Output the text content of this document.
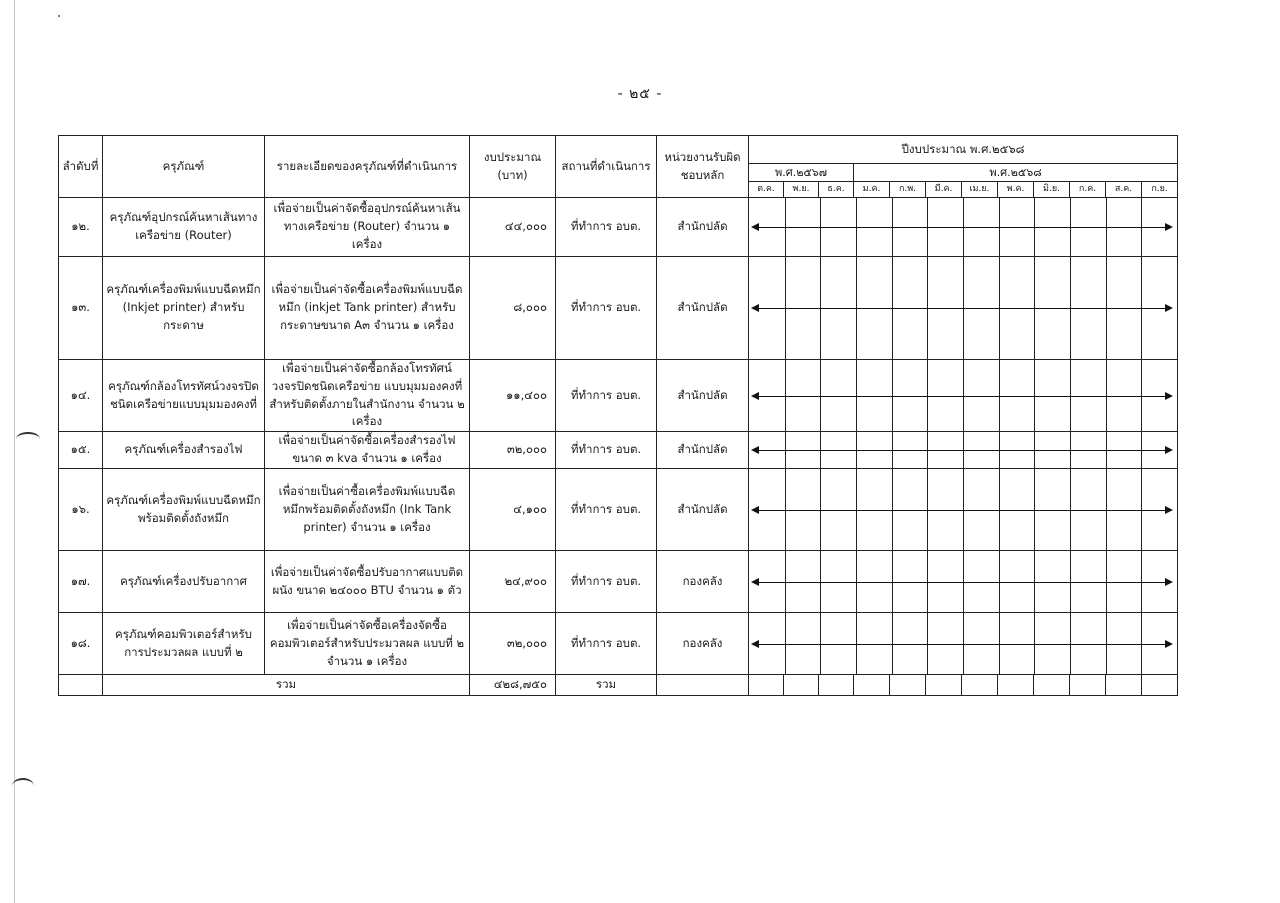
- ๒๕ -
ลำดับที่	ครุภัณฑ์	รายละเอียดของครุภัณฑ์ที่ดำเนินการ	งบประมาณ (บาท)	สถานที่ดำเนินการ	หน่วยงานรับผิดชอบหลัก	ปีงบประมาณ พ.ศ.๒๕๖๘											
						พ.ศ.๒๕๖๗			พ.ศ.๒๕๖๘								
						ต.ค.	พ.ย.	ธ.ค.	ม.ค.	ก.พ.	มี.ค.	เม.ย.	พ.ค.	มิ.ย.	ก.ค.	ส.ค.	ก.ย.
๑๒.	ครุภัณฑ์อุปกรณ์ค้นหาเส้นทางเครือข่าย (Router)	เพื่อจ่ายเป็นค่าจัดซื้ออุปกรณ์ค้นหาเส้นทางเครือข่าย (Router) จำนวน ๑ เครื่อง	๔๔,๐๐๐	ที่ทำการ อบต.	สำนักปลัด												

๑๓.	ครุภัณฑ์เครื่องพิมพ์แบบฉีดหมึก (Inkjet printer) สำหรับกระดาษ	เพื่อจ่ายเป็นค่าจัดซื้อเครื่องพิมพ์แบบฉีดหมึก (inkjet Tank printer) สำหรับกระดาษขนาด A๓ จำนวน ๑ เครื่อง	๘,๐๐๐	ที่ทำการ อบต.	สำนักปลัด												

๑๔.	ครุภัณฑ์กล้องโทรทัศน์วงจรปิดชนิดเครือข่ายแบบมุมมองคงที่	เพื่อจ่ายเป็นค่าจัดซื้อกล้องโทรทัศน์วงจรปิดชนิดเครือข่าย แบบมุมมองคงที่สำหรับติดตั้งภายในสำนักงาน จำนวน ๒ เครื่อง	๑๑,๔๐๐	ที่ทำการ อบต.	สำนักปลัด												

๑๕.	ครุภัณฑ์เครื่องสำรองไฟ	เพื่อจ่ายเป็นค่าจัดซื้อเครื่องสำรองไฟ ขนาด ๓ kva จำนวน ๑ เครื่อง	๓๒,๐๐๐	ที่ทำการ อบต.	สำนักปลัด												

๑๖.	ครุภัณฑ์เครื่องพิมพ์แบบฉีดหมึกพร้อมติดตั้งถังหมึก	เพื่อจ่ายเป็นค่าซื้อเครื่องพิมพ์แบบฉีดหมึกพร้อมติดตั้งถังหมึก (Ink Tank printer) จำนวน ๑ เครื่อง	๔,๑๐๐	ที่ทำการ อบต.	สำนักปลัด												

๑๗.	ครุภัณฑ์เครื่องปรับอากาศ	เพื่อจ่ายเป็นค่าจัดซื้อปรับอากาศแบบติดผนัง ขนาด ๒๔๐๐๐ BTU จำนวน ๑ ตัว	๒๔,๙๐๐	ที่ทำการ อบต.	กองคลัง												

๑๘.	ครุภัณฑ์คอมพิวเตอร์สำหรับการประมวลผล แบบที่ ๒	เพื่อจ่ายเป็นค่าจัดซื้อเครื่องจัดซื้อคอมพิวเตอร์สำหรับประมวลผล แบบที่ ๒ จำนวน ๑ เครื่อง	๓๒,๐๐๐	ที่ทำการ อบต.	กองคลัง												

	รวม		๔๒๘,๗๕๐	รวม													
